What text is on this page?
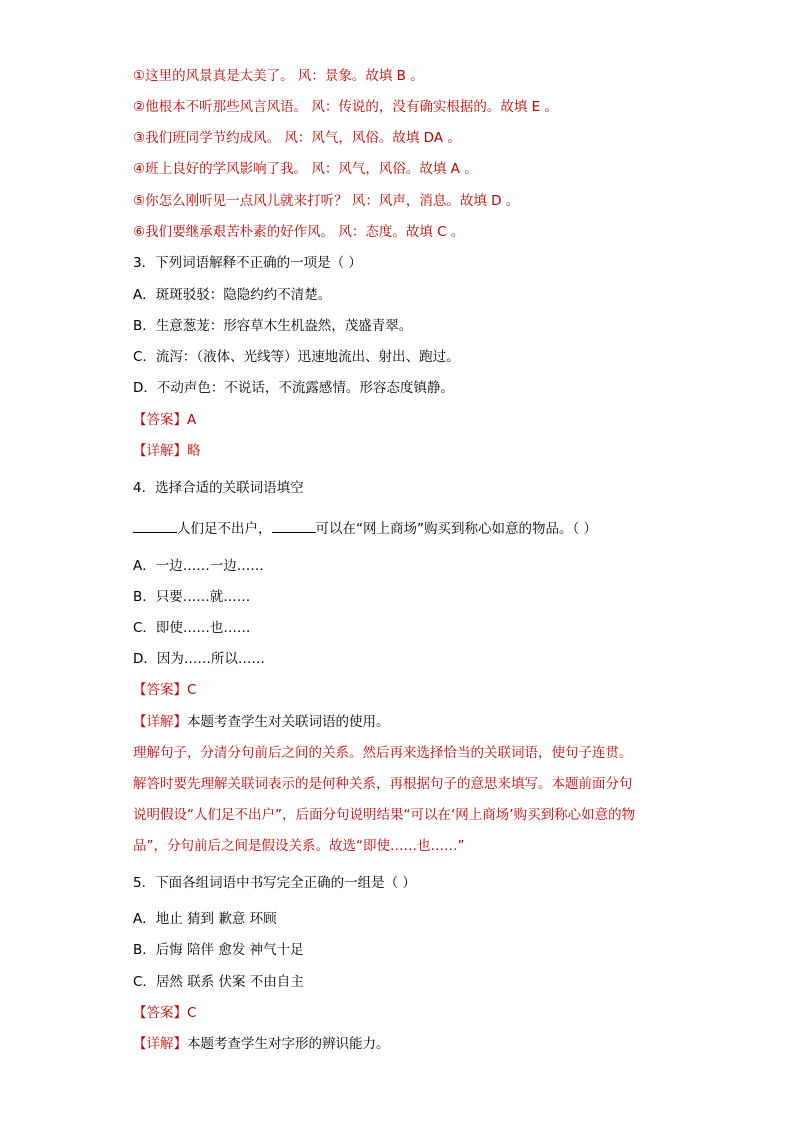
①这里的风景真是太美了。 风：景象。故填 B 。
②他根本不听那些风言风语。 风：传说的，没有确实根据的。故填 E 。
③我们班同学节约成风。 风：风气，风俗。故填 DA 。
④班上良好的学风影响了我。 风：风气，风俗。故填 A 。
⑤你怎么刚听见一点风儿就来打听？ 风：风声，消息。故填 D 。
⑥我们要继承艰苦朴素的好作风。 风：态度。故填 C 。
3．下列词语解释不正确的一项是（ ）
A．斑斑驳驳：隐隐约约不清楚。
B．生意葱茏：形容草木生机盎然，茂盛青翠。
C．流泻：（液体、光线等）迅速地流出、射出、跑过。
D．不动声色：不说话，不流露感情。形容态度镇静。
【答案】A
【详解】略
4．选择合适的关联词语填空
人们足不出户，	可以在“网上商场”购买到称心如意的物品。（ ）
A．一边……一边……
B．只要……就……
C．即使……也……
D．因为……所以……
【答案】C
【详解】本题考查学生对关联词语的使用。
理解句子，分清分句前后之间的关系。然后再来选择恰当的关联词语，使句子连贯。
解答时要先理解关联词表示的是何种关系，再根据句子的意思来填写。本题前面分句
说明假设“人们足不出户”，后面分句说明结果“可以在‘网上商场’购买到称心如意的物
品”，分句前后之间是假设关系。故选“即使……也……”
5．下面各组词语中书写完全正确的一组是（ ）
A．地止 猜到 歉意 环顾
B．后悔 陪伴 愈发 神气十足
C．居然 联系 伏案 不由自主
【答案】C
【详解】本题考查学生对字形的辨识能力。
